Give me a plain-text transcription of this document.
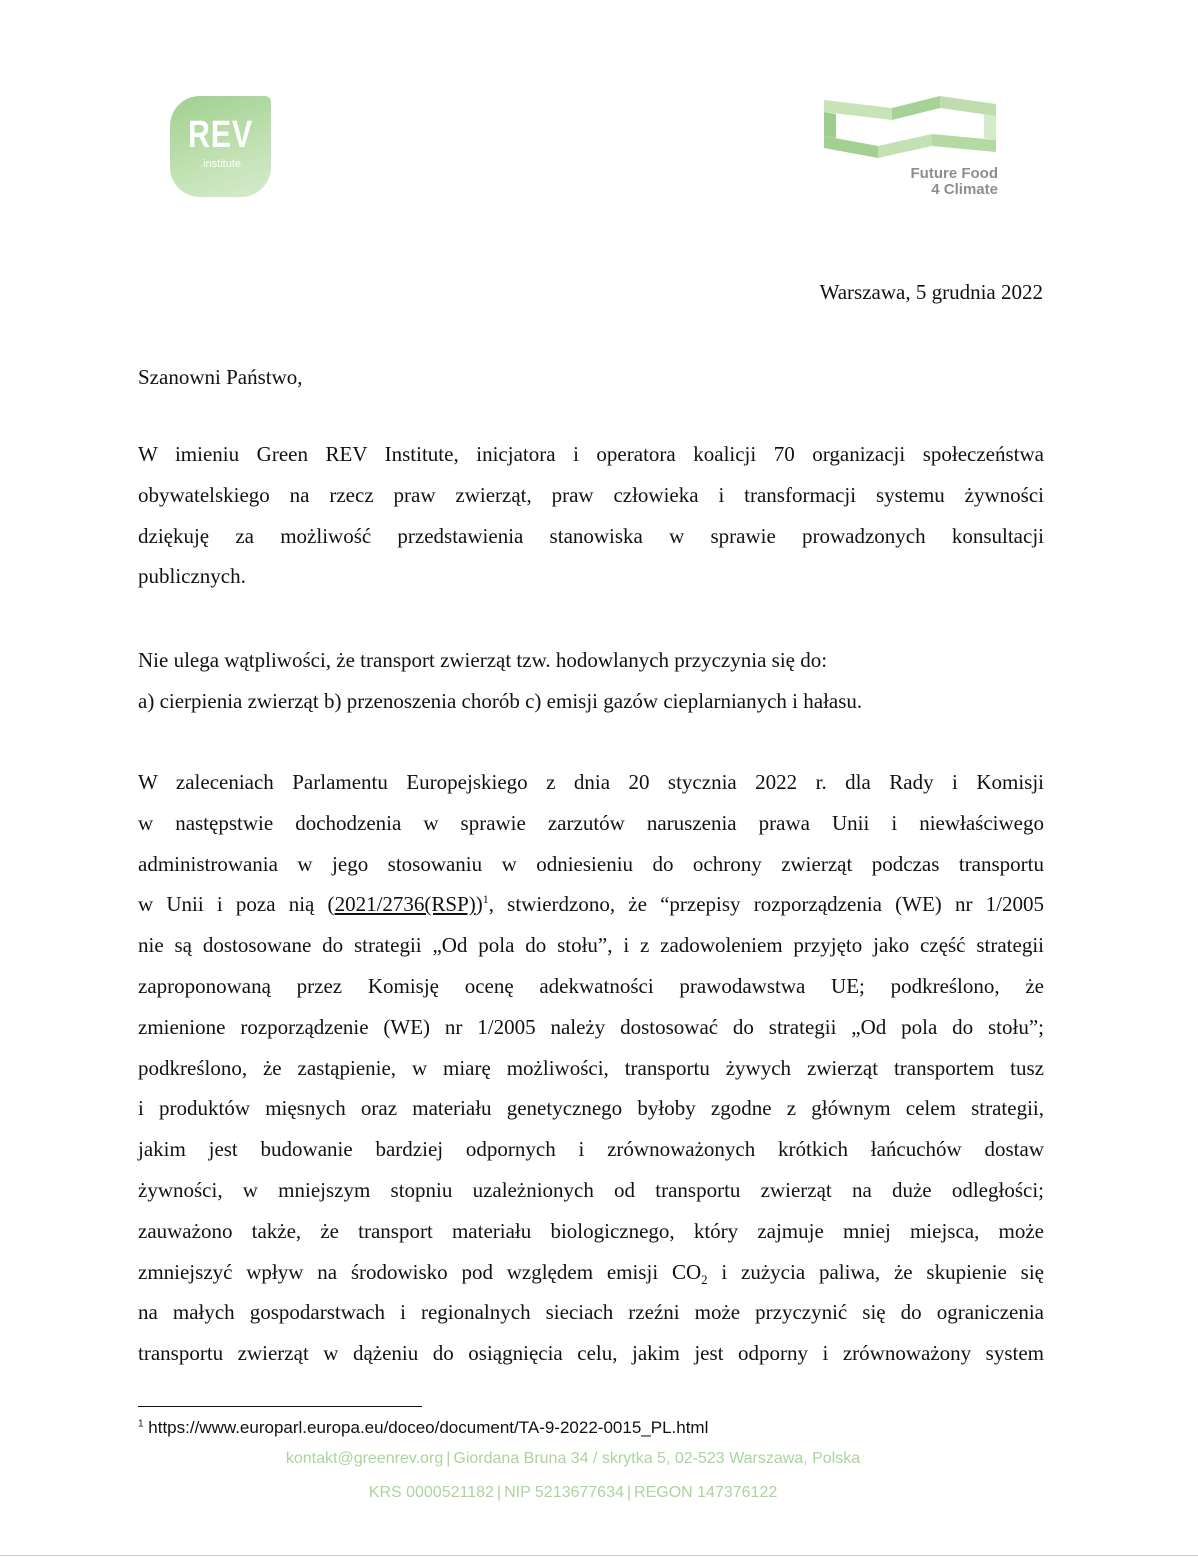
REV
.institute
Future Food
4 Climate
Warszawa, 5 grudnia 2022
Szanowni Państwo,
W imieniu Green REV Institute, inicjatora i operatora koalicji 70 organizacji społeczeństwa
obywatelskiego na rzecz praw zwierząt, praw człowieka i transformacji systemu żywności
dziękuję za możliwość przedstawienia stanowiska w sprawie prowadzonych konsultacji
publicznych.
Nie ulega wątpliwości, że transport zwierząt tzw. hodowlanych przyczynia się do:
a) cierpienia zwierząt b) przenoszenia chorób c) emisji gazów cieplarnianych i hałasu.
W zaleceniach Parlamentu Europejskiego z dnia 20 stycznia 2022 r. dla Rady i Komisji
w następstwie dochodzenia w sprawie zarzutów naruszenia prawa Unii i niewłaściwego
administrowania w jego stosowaniu w odniesieniu do ochrony zwierząt podczas transportu
w Unii i poza nią $(2021/2736(RSP))^1$, stwierdzono, że “przepisy rozporządzenia (WE) nr 1/2005
nie są dostosowane do strategii „Od pola do stołu”, i z zadowoleniem przyjęto jako część strategii
zaproponowaną przez Komisję ocenę adekwatności prawodawstwa UE; podkreślono, że
zmienione rozporządzenie (WE) nr 1/2005 należy dostosować do strategii „Od pola do stołu”;
podkreślono, że zastąpienie, w miarę możliwości, transportu żywych zwierząt transportem tusz
i produktów mięsnych oraz materiału genetycznego byłoby zgodne z głównym celem strategii,
jakim jest budowanie bardziej odpornych i zrównoważonych krótkich łańcuchów dostaw
żywności, w mniejszym stopniu uzależnionych od transportu zwierząt na duże odległości;
zauważono także, że transport materiału biologicznego, który zajmuje mniej miejsca, może
zmniejszyć wpływ na środowisko pod względem emisji $CO_2$ i zużycia paliwa, że skupienie się
na małych gospodarstwach i regionalnych sieciach rzeźni może przyczynić się do ograniczenia
transportu zwierząt w dążeniu do osiągnięcia celu, jakim jest odporny i zrównoważony system
$^1$ https://www.europarl.europa.eu/doceo/document/TA-9-2022-0015_PL.html
kontakt@greenrev.org | Giordana Bruna 34 / skrytka 5, 02-523 Warszawa, Polska
KRS 0000521182 | NIP 5213677634 | REGON 147376122
